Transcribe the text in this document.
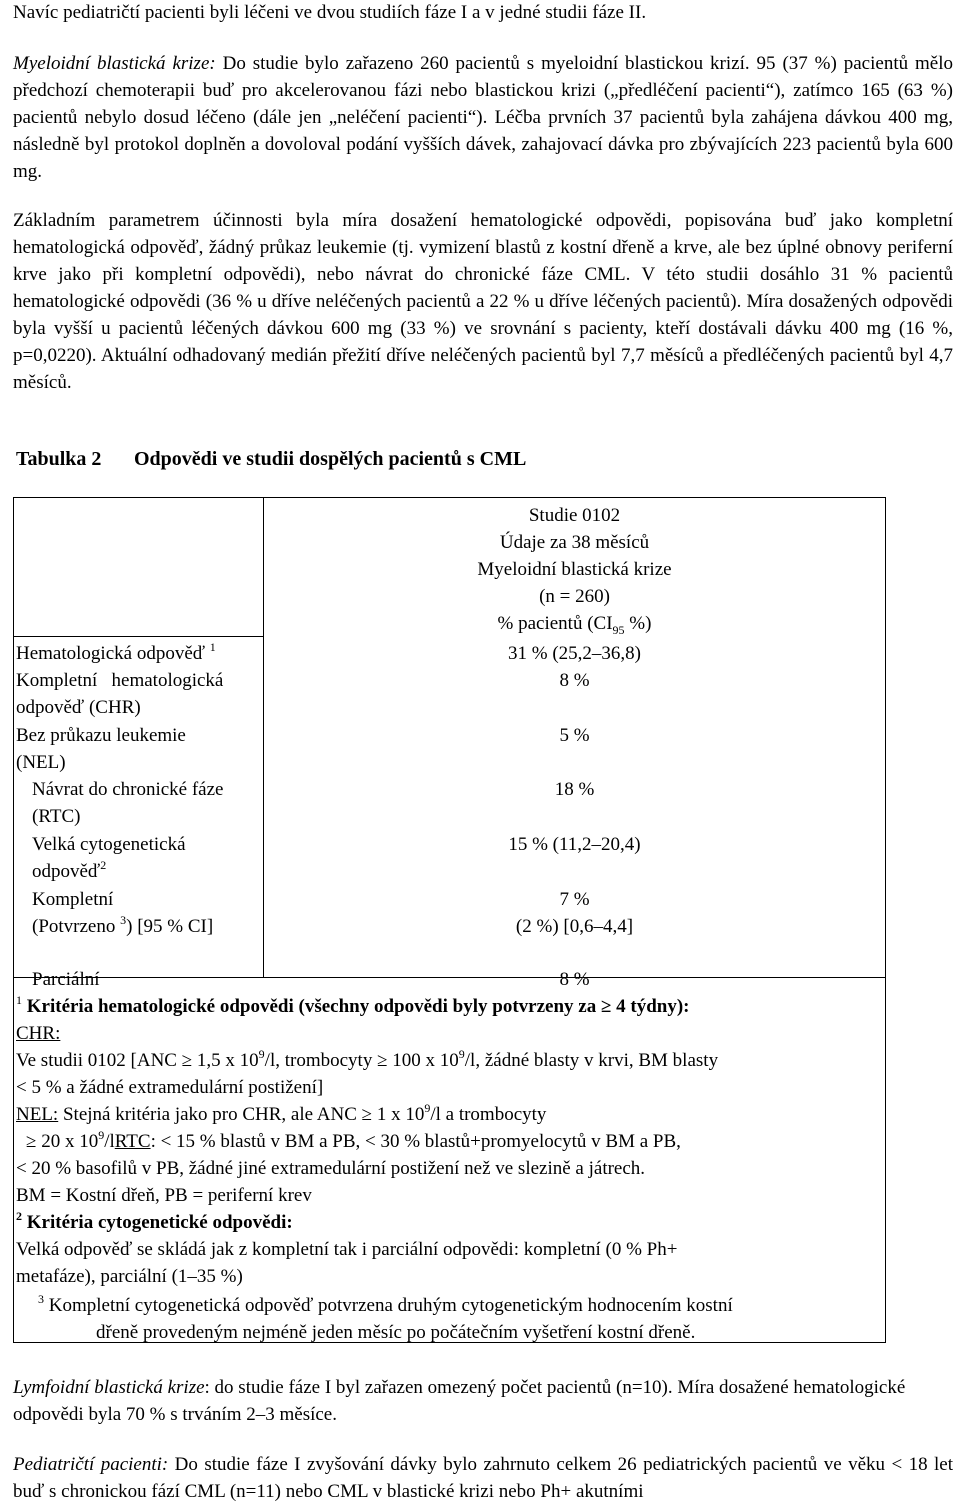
Navíc pediatričtí pacienti byli léčeni ve dvou studiích fáze I a v jedné studii fáze II.

Myeloidní blastická krize: Do studie bylo zařazeno 260 pacientů s myeloidní blastickou krizí. 95 (37 %) pacientů mělo předchozí chemoterapii buď pro akcelerovanou fázi nebo blastickou krizi („předléčení pacienti“), zatímco 165 (63 %) pacientů nebylo dosud léčeno (dále jen „neléčení pacienti“). Léčba prvních 37 pacientů byla zahájena dávkou 400 mg, následně byl protokol doplněn a dovoloval podání vyšších dávek, zahajovací dávka pro zbývajících 223 pacientů byla 600 mg.

Základním parametrem účinnosti byla míra dosažení hematologické odpovědi, popisována buď jako kompletní hematologická odpověď, žádný průkaz leukemie (tj. vymizení blastů z kostní dřeně a krve, ale bez úplné obnovy periferní krve jako při kompletní odpovědi), nebo návrat do chronické fáze CML. V této studii dosáhlo 31 % pacientů hematologické odpovědi (36 % u dříve neléčených pacientů a 22 % u dříve léčených pacientů). Míra dosažených odpovědi byla vyšší u pacientů léčených dávkou 600 mg (33 %) ve srovnání s pacienty, kteří dostávali dávku 400 mg (16 %, p=0,0220). Aktuální odhadovaný medián přežití dříve neléčených pacientů byl 7,7 měsíců a předléčených pacientů byl 4,7 měsíců.

Tabulka 2 Odpovědi ve studii dospělých pacientů s CML
Studie 0102
Údaje za 38 měsíců
Myeloidní blastická krize
(n = 260)
% pacientů ($CI_{95}$ %)
Hematologická odpověď $^1$	31 % (25,2–36,8)
Kompletní   hematologická
odpověď (CHR)
8 %
Bez průkazu leukemie
(NEL)
5 %
Návrat do chronické fáze
(RTC)
18 %
Velká cytogenetická
odpověď$^2$
15 % (11,2–20,4)
Kompletní
(Potvrzeno $^3$) [95 % CI]
7 %
(2 %) [0,6–4,4]
Parciální	8 %
$^1$ Kritéria hematologické odpovědi (všechny odpovědi byly potvrzeny za ≥ 4 týdny):
CHR:
Ve studii 0102 [ANC ≥ 1,5 x $10^9/l$, trombocyty ≥ 100 x $10^9/l$, žádné blasty v krvi, BM blasty
< 5 % a žádné extramedulární postižení]
NEL: Stejná kritéria jako pro CHR, ale ANC ≥ 1 x $10^9/l$ a trombocyty
≥ 20 x $10^9$/lRTC: < 15 % blastů v BM a PB, < 30 % blastů+promyelocytů v BM a PB,
< 20 % basofilů v PB, žádné jiné extramedulární postižení než ve slezině a játrech.
BM = Kostní dřeň, PB = periferní krev
$^2$ Kritéria cytogenetické odpovědi:
Velká odpověď se skládá jak z kompletní tak i parciální odpovědi: kompletní (0 % Ph+
metafáze), parciální (1–35 %)
$^3$ Kompletní cytogenetická odpověď potvrzena druhým cytogenetickým hodnocením kostní
dřeně provedeným nejméně jeden měsíc po počátečním vyšetření kostní dřeně.

Lymfoidní blastická krize: do studie fáze I byl zařazen omezený počet pacientů (n=10). Míra dosažené hematologické odpovědi byla 70 % s trváním 2–3 měsíce.

Pediatričtí pacienti: Do studie fáze I zvyšování dávky bylo zahrnuto celkem 26 pediatrických pacientů ve věku < 18 let buď s chronickou fází CML (n=11) nebo CML v blastické krizi nebo Ph+ akutními
